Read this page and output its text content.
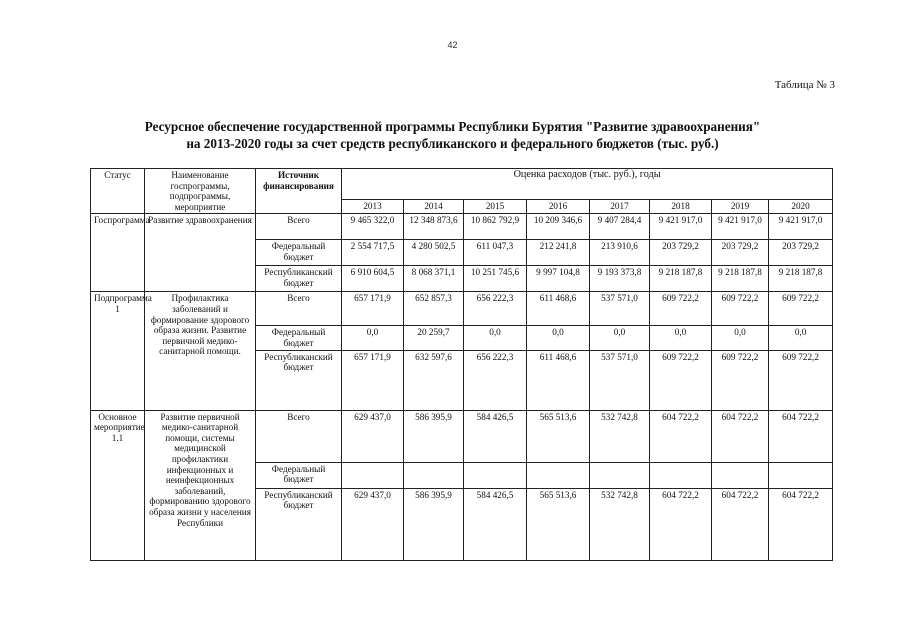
42
Таблица № 3
Ресурсное обеспечение государственной программы Республики Бурятия "Развитие здравоохранения"
на 2013-2020 годы за счет средств республиканского и федерального бюджетов (тыс. руб.)
Статус	Наименование госпрограммы, подпрограммы, мероприятие	Источник финансирования	Оценка расходов (тыс. руб.), годы							
			2013	2014	2015	2016	2017	2018	2019	2020
Госпрограмма	Развитие здравоохранения	Всего	9 465 322,0	12 348 873,6	10 862 792,9	10 209 346,6	9 407 284,4	9 421 917,0	9 421 917,0	9 421 917,0
		Федеральный бюджет	2 554 717,5	4 280 502,5	611 047,3	212 241,8	213 910,6	203 729,2	203 729,2	203 729,2
		Республиканский бюджет	6 910 604,5	8 068 371,1	10 251 745,6	9 997 104,8	9 193 373,8	9 218 187,8	9 218 187,8	9 218 187,8
Подпрограмма 1	Профилактика заболеваний и формирование здорового образа жизни. Развитие первичной медико-санитарной помощи.	Всего	657 171,9	652 857,3	656 222,3	611 468,6	537 571,0	609 722,2	609 722,2	609 722,2
		Федеральный бюджет	0,0	20 259,7	0,0	0,0	0,0	0,0	0,0	0,0
		Республиканский бюджет	657 171,9	632 597,6	656 222,3	611 468,6	537 571,0	609 722,2	609 722,2	609 722,2
Основное мероприятие 1.1	Развитие первичной медико-санитарной помощи, системы медицинской профилактики инфекционных и неинфекционных заболеваний, формированию здорового образа жизни у населения Республики	Всего	629 437,0	586 395,9	584 426,5	565 513,6	532 742,8	604 722,2	604 722,2	604 722,2
		Федеральный бюджет								
		Республиканский бюджет	629 437,0	586 395,9	584 426,5	565 513,6	532 742,8	604 722,2	604 722,2	604 722,2
